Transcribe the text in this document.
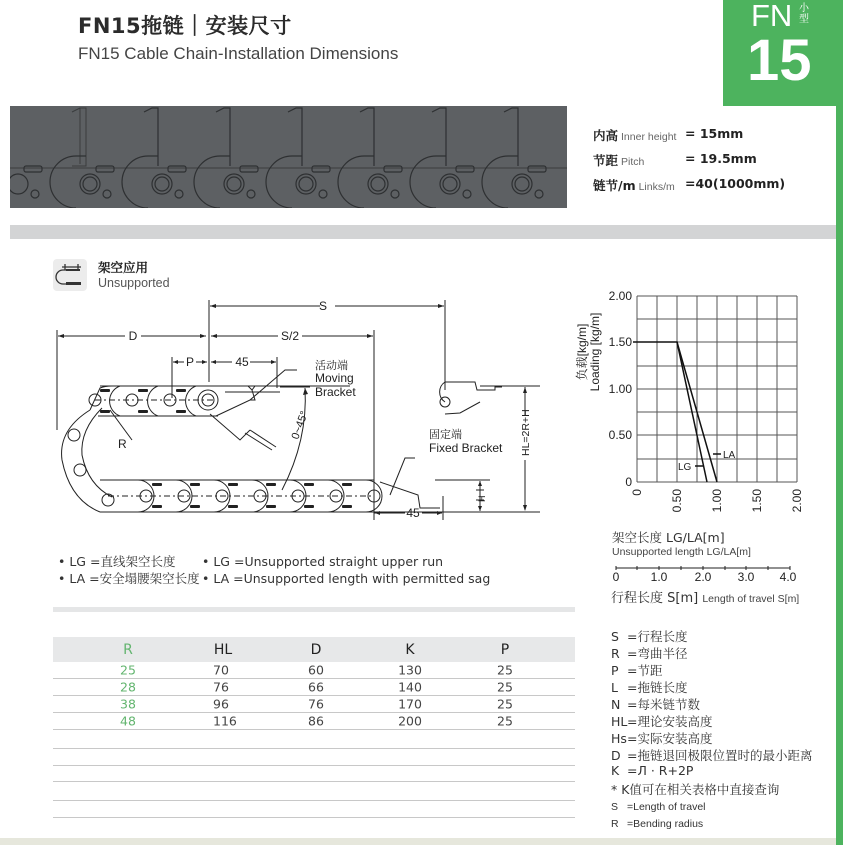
FN15拖链｜安装尺寸
FN15 Cable Chain-Installation Dimensions
FN 小型
15
内高 Inner height = 15mm
节距 Pitch	= 19.5mm
链节/m Links/m =40(1000mm)
架空应用
Unsupported
S
D	S/2
P	45
45
R
0~45°	HL=2R+H
H
活动端
Moving
Bracket
固定端
Fixed Bracket
2.00
1.50
1.00
0.50
0
0 0.50 1.00 1.50 2.00
负载[kg/m] Loading [kg/m]
LA
LG
架空长度 LG/LA[m]
Unsupported length LG/LA[m]
0	1.0 2.0 3.0 4.0
行程长度 S[m] Length of travel S[m]
• LG =直线架空长度 • LG =Unsupported straight upper run
• LA =安全塌腰架空长度 • LA =Unsupported length with permitted sag
R	HL	D	K	P
25	70	60	130	25
28	76	66	140	25
38	96	76	170	25
48	116	86	200	25
S =行程长度
R =弯曲半径
P =节距
L =拖链长度
N =每米链节数
HL=理论安装高度
Hs=实际安装高度
D =拖链退回极限位置时的最小距离
K =Л · R+2P
* K值可在相关表格中直接查询
S =Length of travel
R =Bending radius
